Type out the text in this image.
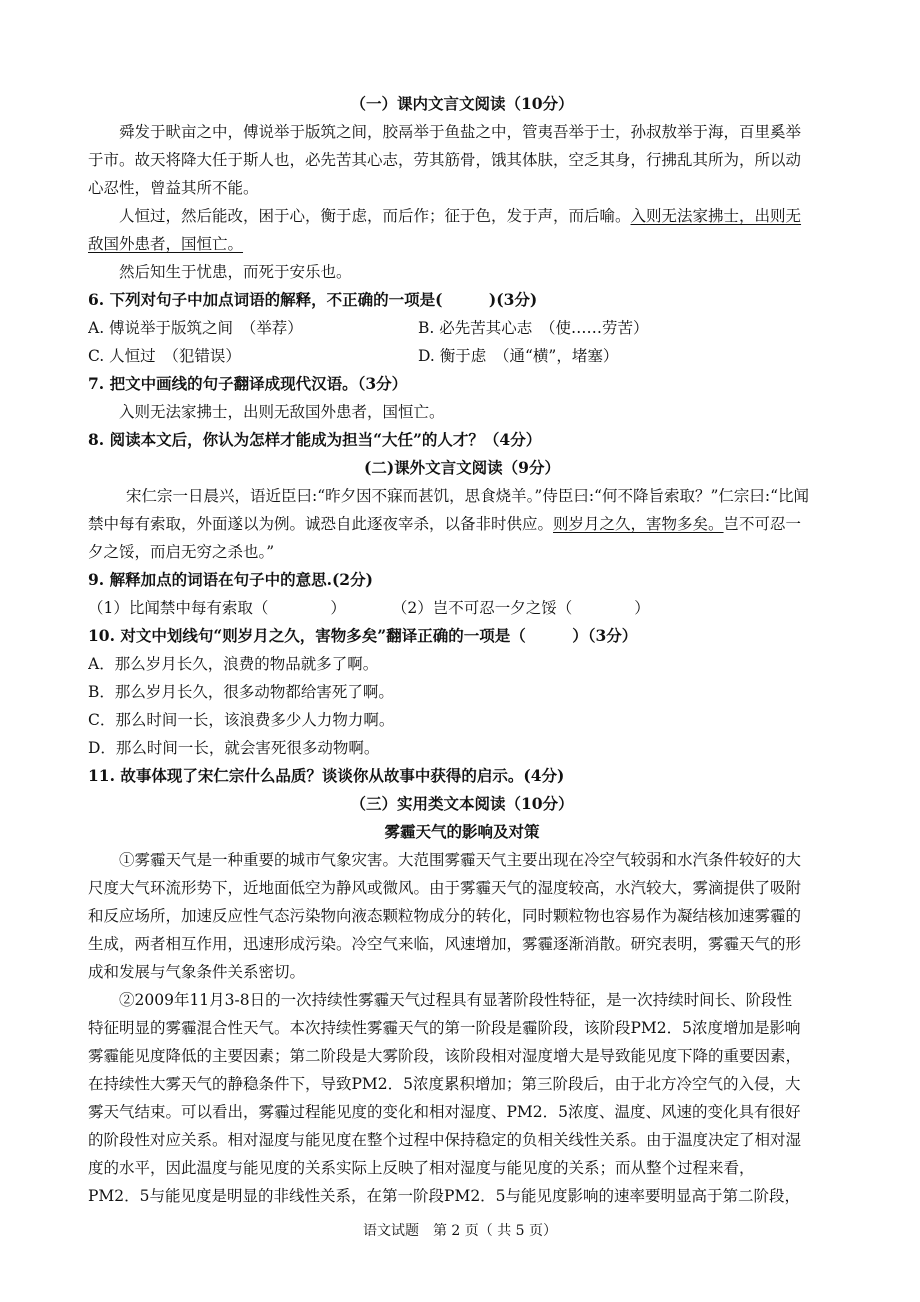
（一）课内文言文阅读（10分）
舜发于畎亩之中，傅说举于版筑之间，胶鬲举于鱼盐之中，管夷吾举于士，孙叔敖举于海，百里奚举
于市。故天将降大任于斯人也，必先苦其心志，劳其筋骨，饿其体肤，空乏其身，行拂乱其所为，所以动
心忍性，曾益其所不能。
人恒过，然后能改，困于心，衡于虑，而后作；征于色，发于声，而后喻。入则无法家拂士，出则无
敌国外患者，国恒亡。
然后知生于忧患，而死于安乐也。
6. 下列对句子中加点词语的解释，不正确的一项是(　　　)(3分)
A. 傅说举于版筑之间　（举荐）	B. 必先苦其心志　（使……劳苦）
C. 人恒过　（犯错误）	D. 衡于虑　（通“横”，堵塞）
7. 把文中画线的句子翻译成现代汉语。（3分）
入则无法家拂士，出则无敌国外患者，国恒亡。
8. 阅读本文后，你认为怎样才能成为担当“大任”的人才？（4分）
(二)课外文言文阅读（9分）
宋仁宗一日晨兴，语近臣曰:“昨夕因不寐而甚饥，思食烧羊。”侍臣曰:“何不降旨索取？”仁宗曰:“比闻
禁中每有索取，外面遂以为例。诚恐自此逐夜宰杀，以备非时供应。则岁月之久，害物多矣。岂不可忍一
夕之馁，而启无穷之杀也。”
9. 解释加点的词语在句子中的意思.(2分)
（1）比闻禁中每有索取（　　　　）	（2）岂不可忍一夕之馁（　　　　）
10. 对文中划线句“则岁月之久，害物多矣”翻译正确的一项是（　　　）（3分）
A．那么岁月长久，浪费的物品就多了啊。
B．那么岁月长久，很多动物都给害死了啊。
C．那么时间一长，该浪费多少人力物力啊。
D．那么时间一长，就会害死很多动物啊。
11. 故事体现了宋仁宗什么品质？谈谈你从故事中获得的启示。(4分)
（三）实用类文本阅读（10分）
雾霾天气的影响及对策
①雾霾天气是一种重要的城市气象灾害。大范围雾霾天气主要出现在冷空气较弱和水汽条件较好的大
尺度大气环流形势下，近地面低空为静风或微风。由于雾霾天气的湿度较高，水汽较大，雾滴提供了吸附
和反应场所，加速反应性气态污染物向液态颗粒物成分的转化，同时颗粒物也容易作为凝结核加速雾霾的
生成，两者相互作用，迅速形成污染。冷空气来临，风速增加，雾霾逐渐消散。研究表明，雾霾天气的形
成和发展与气象条件关系密切。
②2009年11月3-8日的一次持续性雾霾天气过程具有显著阶段性特征，是一次持续时间长、阶段性
特征明显的雾霾混合性天气。本次持续性雾霾天气的第一阶段是霾阶段，该阶段PM2．5浓度增加是影响
雾霾能见度降低的主要因素；第二阶段是大雾阶段，该阶段相对湿度增大是导致能见度下降的重要因素，
在持续性大雾天气的静稳条件下，导致PM2．5浓度累积增加；第三阶段后，由于北方冷空气的入侵，大
雾天气结束。可以看出，雾霾过程能见度的变化和相对湿度、PM2．5浓度、温度、风速的变化具有很好
的阶段性对应关系。相对湿度与能见度在整个过程中保持稳定的负相关线性关系。由于温度决定了相对湿
度的水平，因此温度与能见度的关系实际上反映了相对湿度与能见度的关系；而从整个过程来看，
PM2．5与能见度是明显的非线性关系，在第一阶段PM2．5与能见度影响的速率要明显高于第二阶段，
语文试题　第 2 页（ 共 5 页）
